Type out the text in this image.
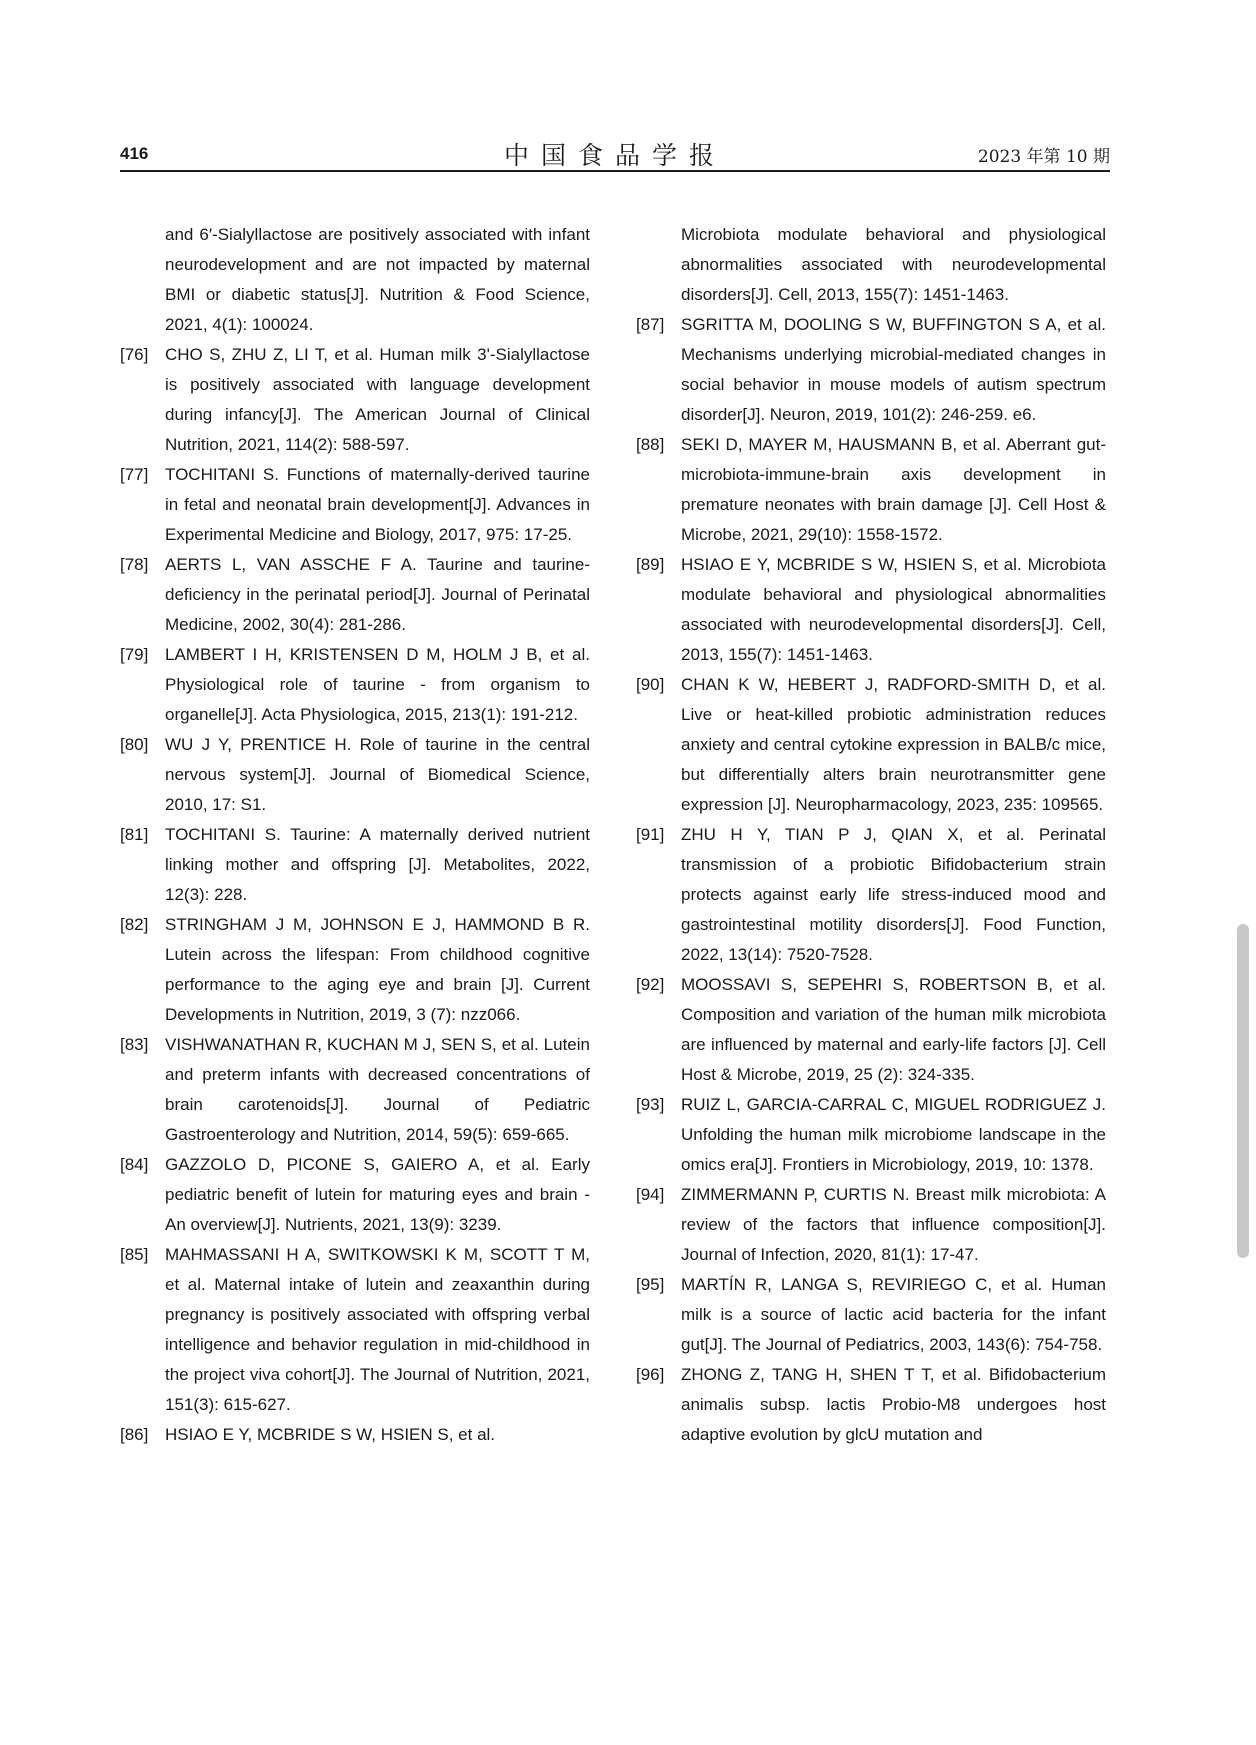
416	中国食品学报	2023 年第 10 期
and 6′-Sialyllactose are positively associated with infant neurodevelopment and are not impacted by maternal BMI or diabetic status[J]. Nutrition & Food Science, 2021, 4(1): 100024.
[76] CHO S, ZHU Z, LI T, et al. Human milk 3'-Sialyllactose is positively associated with language development during infancy[J]. The American Journal of Clinical Nutrition, 2021, 114(2): 588-597.
[77] TOCHITANI S. Functions of maternally-derived taurine in fetal and neonatal brain development[J]. Advances in Experimental Medicine and Biology, 2017, 975: 17-25.
[78] AERTS L, VAN ASSCHE F A. Taurine and taurine-deficiency in the perinatal period[J]. Journal of Perinatal Medicine, 2002, 30(4): 281-286.
[79] LAMBERT I H, KRISTENSEN D M, HOLM J B, et al. Physiological role of taurine - from organism to organelle[J]. Acta Physiologica, 2015, 213(1): 191-212.
[80] WU J Y, PRENTICE H. Role of taurine in the central nervous system[J]. Journal of Biomedical Science, 2010, 17: S1.
[81] TOCHITANI S. Taurine: A maternally derived nutrient linking mother and offspring [J]. Metabolites, 2022, 12(3): 228.
[82] STRINGHAM J M, JOHNSON E J, HAMMOND B R. Lutein across the lifespan: From childhood cognitive performance to the aging eye and brain [J]. Current Developments in Nutrition, 2019, 3 (7): nzz066.
[83] VISHWANATHAN R, KUCHAN M J, SEN S, et al. Lutein and preterm infants with decreased concentrations of brain carotenoids[J]. Journal of Pediatric Gastroenterology and Nutrition, 2014, 59(5): 659-665.
[84] GAZZOLO D, PICONE S, GAIERO A, et al. Early pediatric benefit of lutein for maturing eyes and brain - An overview[J]. Nutrients, 2021, 13(9): 3239.
[85] MAHMASSANI H A, SWITKOWSKI K M, SCOTT T M, et al. Maternal intake of lutein and zeaxanthin during pregnancy is positively associated with offspring verbal intelligence and behavior regulation in mid-childhood in the project viva cohort[J]. The Journal of Nutrition, 2021, 151(3): 615-627.
[86] HSIAO E Y, MCBRIDE S W, HSIEN S, et al.
Microbiota modulate behavioral and physiological abnormalities associated with neurodevelopmental disorders[J]. Cell, 2013, 155(7): 1451-1463.
[87] SGRITTA M, DOOLING S W, BUFFINGTON S A, et al. Mechanisms underlying microbial-mediated changes in social behavior in mouse models of autism spectrum disorder[J]. Neuron, 2019, 101(2): 246-259. e6.
[88] SEKI D, MAYER M, HAUSMANN B, et al. Aberrant gut-microbiota-immune-brain axis development in premature neonates with brain damage [J]. Cell Host & Microbe, 2021, 29(10): 1558-1572.
[89] HSIAO E Y, MCBRIDE S W, HSIEN S, et al. Microbiota modulate behavioral and physiological abnormalities associated with neurodevelopmental disorders[J]. Cell, 2013, 155(7): 1451-1463.
[90] CHAN K W, HEBERT J, RADFORD-SMITH D, et al. Live or heat-killed probiotic administration reduces anxiety and central cytokine expression in BALB/c mice, but differentially alters brain neurotransmitter gene expression [J]. Neuropharmacology, 2023, 235: 109565.
[91] ZHU H Y, TIAN P J, QIAN X, et al. Perinatal transmission of a probiotic Bifidobacterium strain protects against early life stress-induced mood and gastrointestinal motility disorders[J]. Food Function, 2022, 13(14): 7520-7528.
[92] MOOSSAVI S, SEPEHRI S, ROBERTSON B, et al. Composition and variation of the human milk microbiota are influenced by maternal and early-life factors [J]. Cell Host & Microbe, 2019, 25 (2): 324-335.
[93] RUIZ L, GARCIA-CARRAL C, MIGUEL RODRIGUEZ J. Unfolding the human milk microbiome landscape in the omics era[J]. Frontiers in Microbiology, 2019, 10: 1378.
[94] ZIMMERMANN P, CURTIS N. Breast milk microbiota: A review of the factors that influence composition[J]. Journal of Infection, 2020, 81(1): 17-47.
[95] MARTÍN R, LANGA S, REVIRIEGO C, et al. Human milk is a source of lactic acid bacteria for the infant gut[J]. The Journal of Pediatrics, 2003, 143(6): 754-758.
[96] ZHONG Z, TANG H, SHEN T T, et al. Bifidobacterium animalis subsp. lactis Probio-M8 undergoes host adaptive evolution by glcU mutation and
